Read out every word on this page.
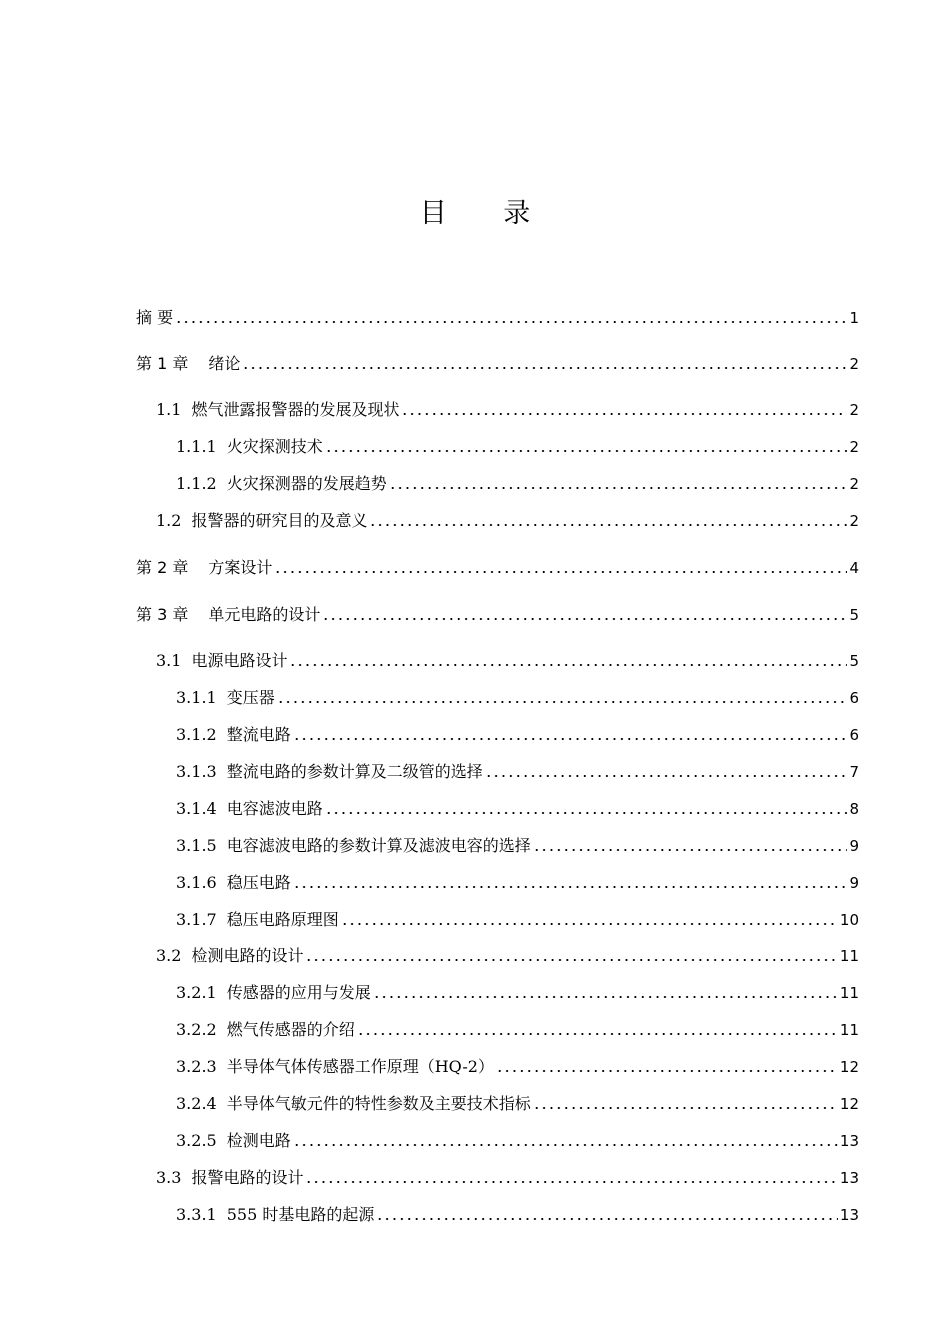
目 录
摘 要	1
第 1 章 绪论	2
1.1 燃气泄露报警器的发展及现状	2
1.1.1 火灾探测技术	2
1.1.2 火灾探测器的发展趋势	2
1.2 报警器的研究目的及意义	2
第 2 章 方案设计	4
第 3 章 单元电路的设计	5
3.1 电源电路设计	5
3.1.1 变压器	6
3.1.2 整流电路	6
3.1.3 整流电路的参数计算及二级管的选择	7
3.1.4 电容滤波电路	8
3.1.5 电容滤波电路的参数计算及滤波电容的选择	9
3.1.6 稳压电路	9
3.1.7 稳压电路原理图	10
3.2 检测电路的设计	11
3.2.1 传感器的应用与发展	11
3.2.2 燃气传感器的介绍	11
3.2.3 半导体气体传感器工作原理（HQ-2）	12
3.2.4 半导体气敏元件的特性参数及主要技术指标	12
3.2.5 检测电路	13
3.3 报警电路的设计	13
3.3.1 555 时基电路的起源	13
